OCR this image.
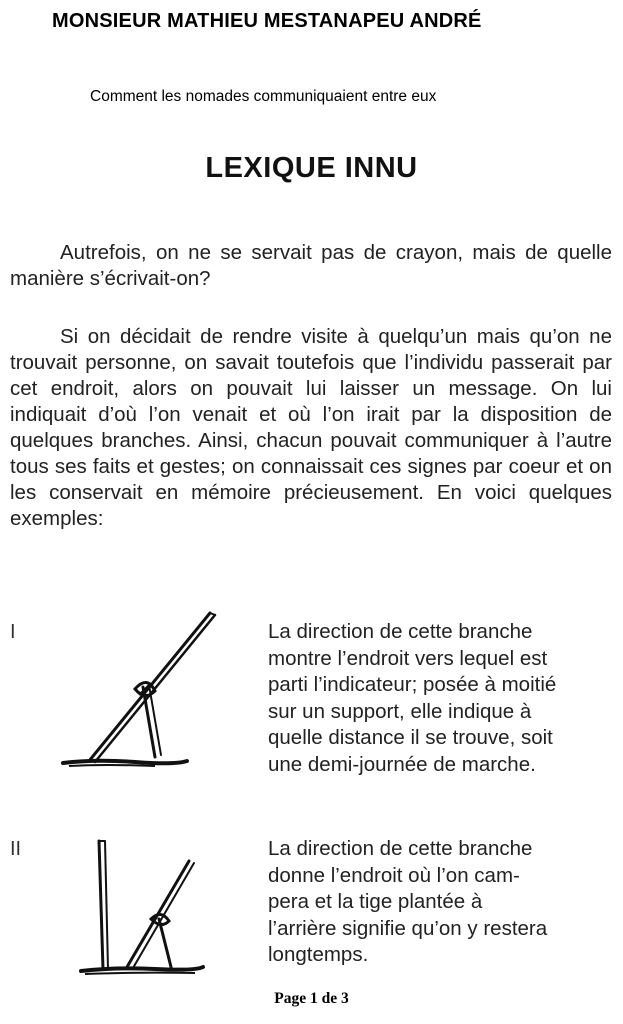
MONSIEUR MATHIEU MESTANAPEU ANDRÉ
Comment les nomades communiquaient entre eux
LEXIQUE INNU

Autrefois, on ne se servait pas de crayon, mais de quelle manière s’écrivait-on?

Si on décidait de rendre visite à quelqu’un mais qu’on ne trouvait personne, on savait toutefois que l’individu passerait par cet endroit, alors on pouvait lui laisser un message. On lui indiquait d’où l’on venait et où l’on irait par la disposition de quelques branches. Ainsi, chacun pouvait communiquer à l’autre tous ses faits et gestes; on connaissait ces signes par coeur et on les conservait en mémoire précieusement. En voici quelques exemples:

I	La direction de cette branche
montre l’endroit vers lequel est
parti l’indicateur; posée à moitié
sur un support, elle indique à
quelle distance il se trouve, soit
une demi-journée de marche.

II	La direction de cette branche
donne l’endroit où l’on cam-
pera et la tige plantée à
l’arrière signifie qu’on y restera
longtemps.

Page 1 de 3
